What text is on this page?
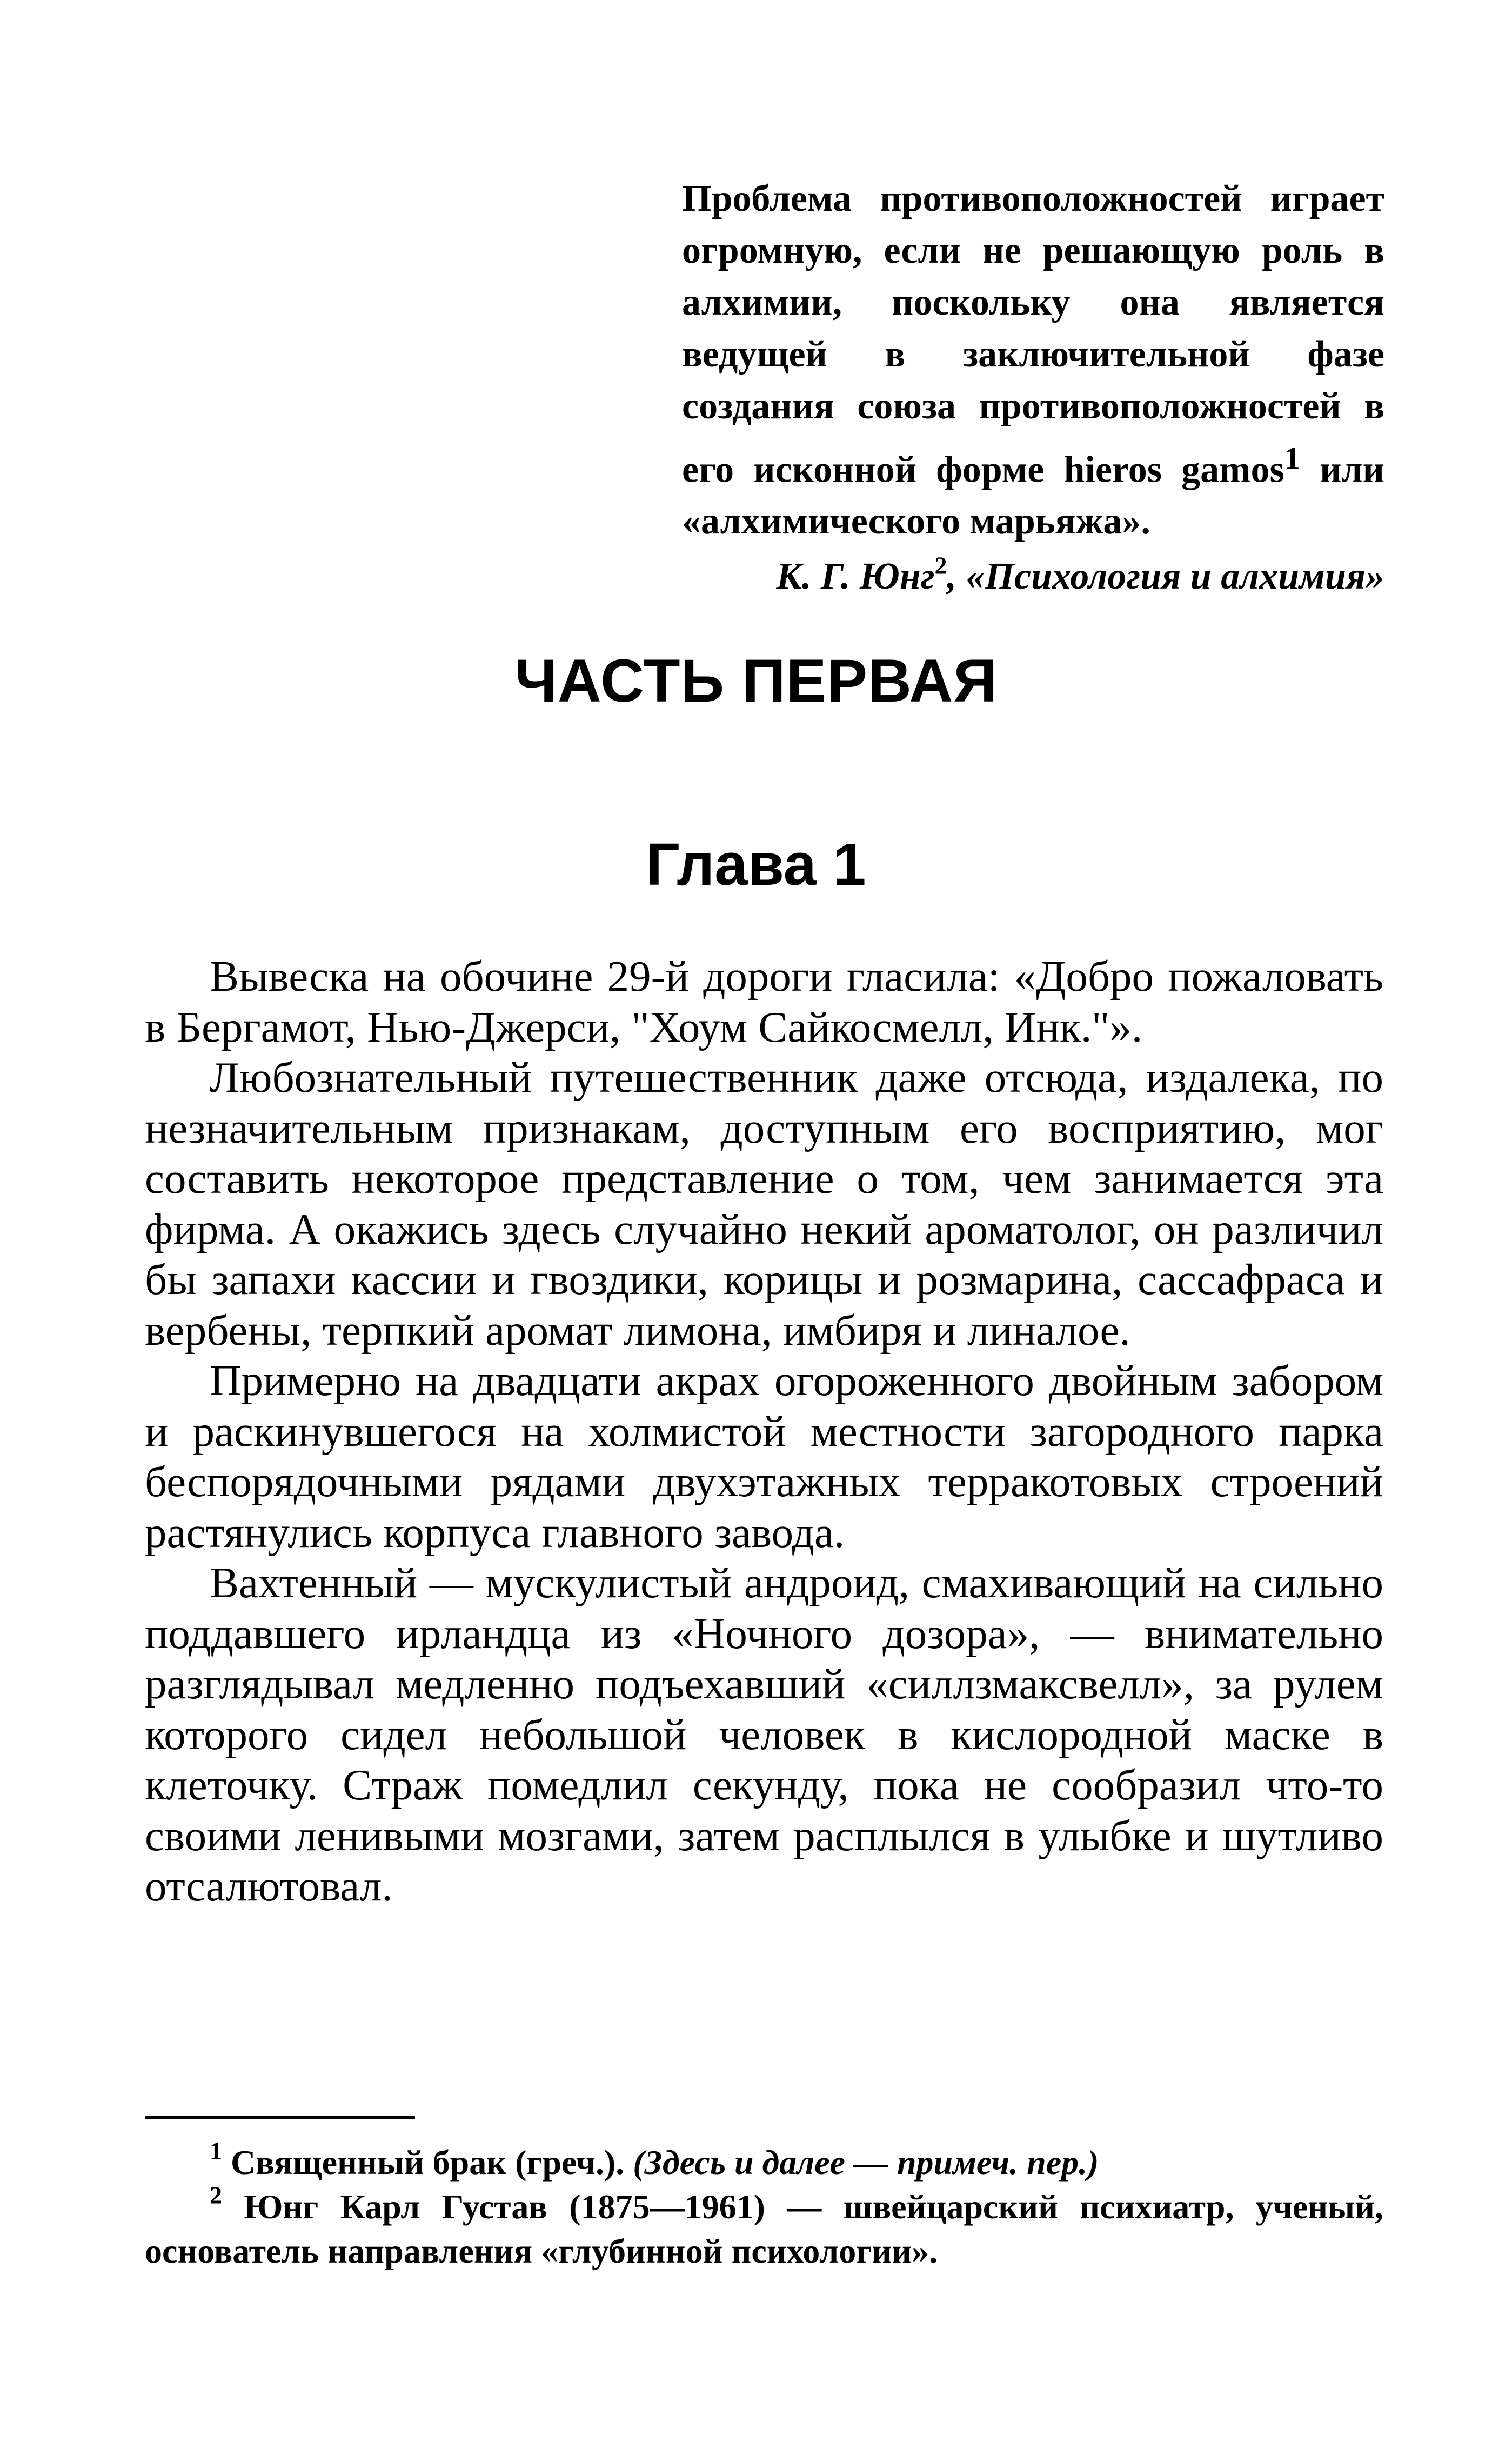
Проблема противоположностей играет огромную, если не решающую роль в алхимии, поскольку она является ведущей в заключительной фазе создания союза противоположностей в его исконной форме hieros gamos$^1$ или «алхимического марьяжа».

К. Г. Юнг$^2$, «Психология и алхимия»

ЧАСТЬ ПЕРВАЯ
Глава 1

Вывеска на обочине 29-й дороги гласила: «Добро пожаловать в Бергамот, Нью-Джерси, "Хоум Сайкосмелл, Инк."».

Любознательный путешественник даже отсюда, издалека, по незначительным признакам, доступным его восприятию, мог составить некоторое представление о том, чем занимается эта фирма. А окажись здесь случайно некий ароматолог, он различил бы запахи кассии и гвоздики, корицы и розмарина, сассафраса и вербены, терпкий аромат лимона, имбиря и линалое.

Примерно на двадцати акрах огороженного двойным забором и раскинувшегося на холмистой местности загородного парка беспорядочными рядами двухэтажных терракотовых строений растянулись корпуса главного завода.

Вахтенный — мускулистый андроид, смахивающий на сильно поддавшего ирландца из «Ночного дозора», — внимательно разглядывал медленно подъехавший «силлзмаксвелл», за рулем которого сидел небольшой человек в кислородной маске в клеточку. Страж помедлил секунду, пока не сообразил что-то своими ленивыми мозгами, затем расплылся в улыбке и шутливо отсалютовал.

$^1$ Священный брак (греч.). (Здесь и далее — примеч. пер.)

$^2$ Юнг Карл Густав (1875—1961) — швейцарский психиатр, ученый, основатель направления «глубинной психологии».
